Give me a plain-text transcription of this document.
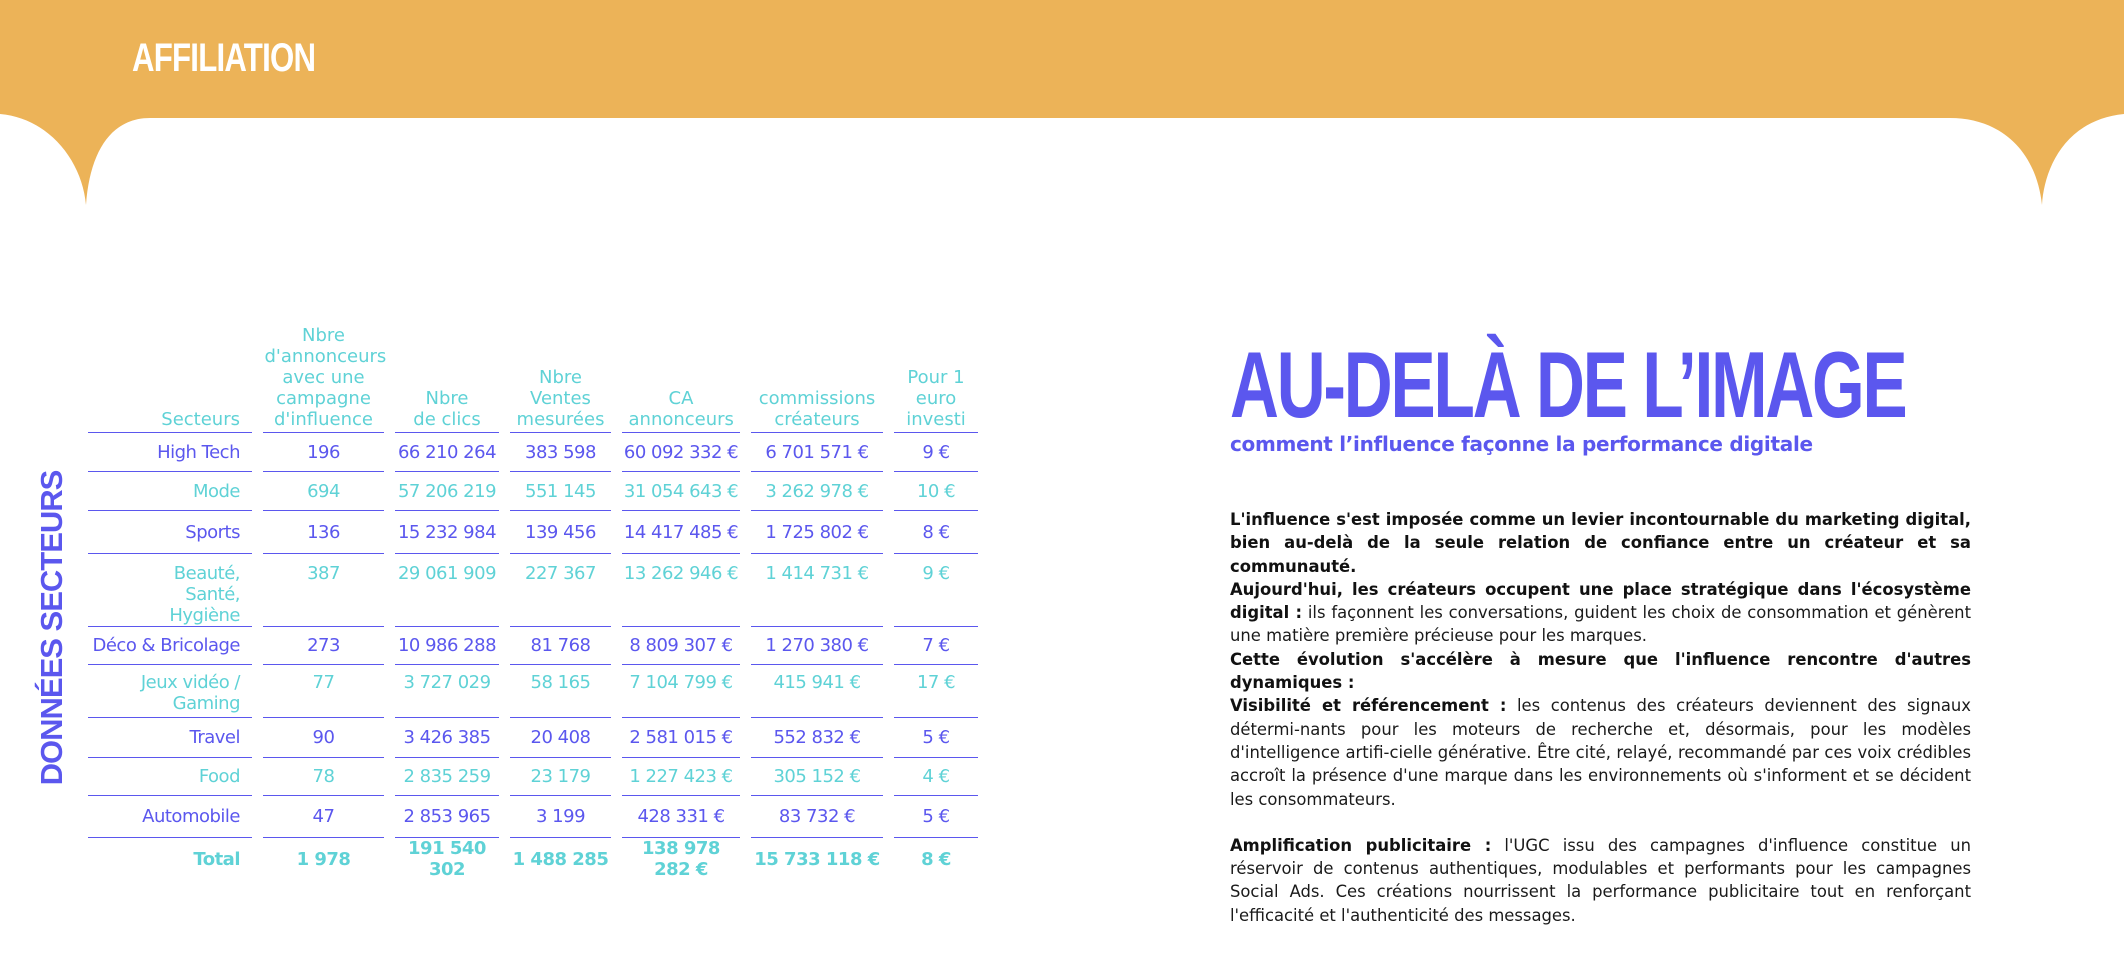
AFFILIATION
DONNÉES SECTEURS
Secteurs	Nbre d'annonceurs avec une campagne d'influence	Nbre de clics	Nbre Ventes mesurées	CA annonceurs	commissions créateurs	Pour 1 euro investi

High Tech	196	66 210 264	383 598	60 092 332 €	6 701 571 €	9 €
Mode	694	57 206 219	551 145	31 054 643 €	3 262 978 €	10 €
Sports	136	15 232 984	139 456	14 417 485 €	1 725 802 €	8 €

Beauté, Santé, Hygiène	387	29 061 909	227 367	13 262 946 €	1 414 731 €	9 €
Déco & Bricolage	273	10 986 288	81 768	8 809 307 €	1 270 380 €	7 €

Jeux vidéo / Gaming	77	3 727 029	58 165	7 104 799 €	415 941 €	17 €
Travel	90	3 426 385	20 408	2 581 015 €	552 832 €	5 €
Food	78	2 835 259	23 179	1 227 423 €	305 152 €	4 €
Automobile	47	2 853 965	3 199	428 331 €	83 732 €	5 €
Total	1 978	191 540 302	1 488 285	138 978 282 €	15 733 118 €	8 €
AU-DELÀ DE L’IMAGE
comment l’influence façonne la performance digitale

L'influence s'est imposée comme un levier incontournable du marketing digital, bien au-delà de la seule relation de confiance entre un créateur et sa communauté.

Aujourd'hui, les créateurs occupent une place stratégique dans l'écosystème digital : ils façonnent les conversations, guident les choix de consommation et génèrent une matière première précieuse pour les marques.

Cette évolution s'accélère à mesure que l'influence rencontre d'autres dynamiques :

Visibilité et référencement : les contenus des créateurs deviennent des signaux détermi-nants pour les moteurs de recherche et, désormais, pour les modèles d'intelligence artifi-cielle générative. Être cité, relayé, recommandé par ces voix crédibles accroît la présence d'une marque dans les environnements où s'informent et se décident les consommateurs.

Amplification publicitaire : l'UGC issu des campagnes d'influence constitue un réservoir de contenus authentiques, modulables et performants pour les campagnes Social Ads. Ces créations nourrissent la performance publicitaire tout en renforçant l'efficacité et l'authenticité des messages.
